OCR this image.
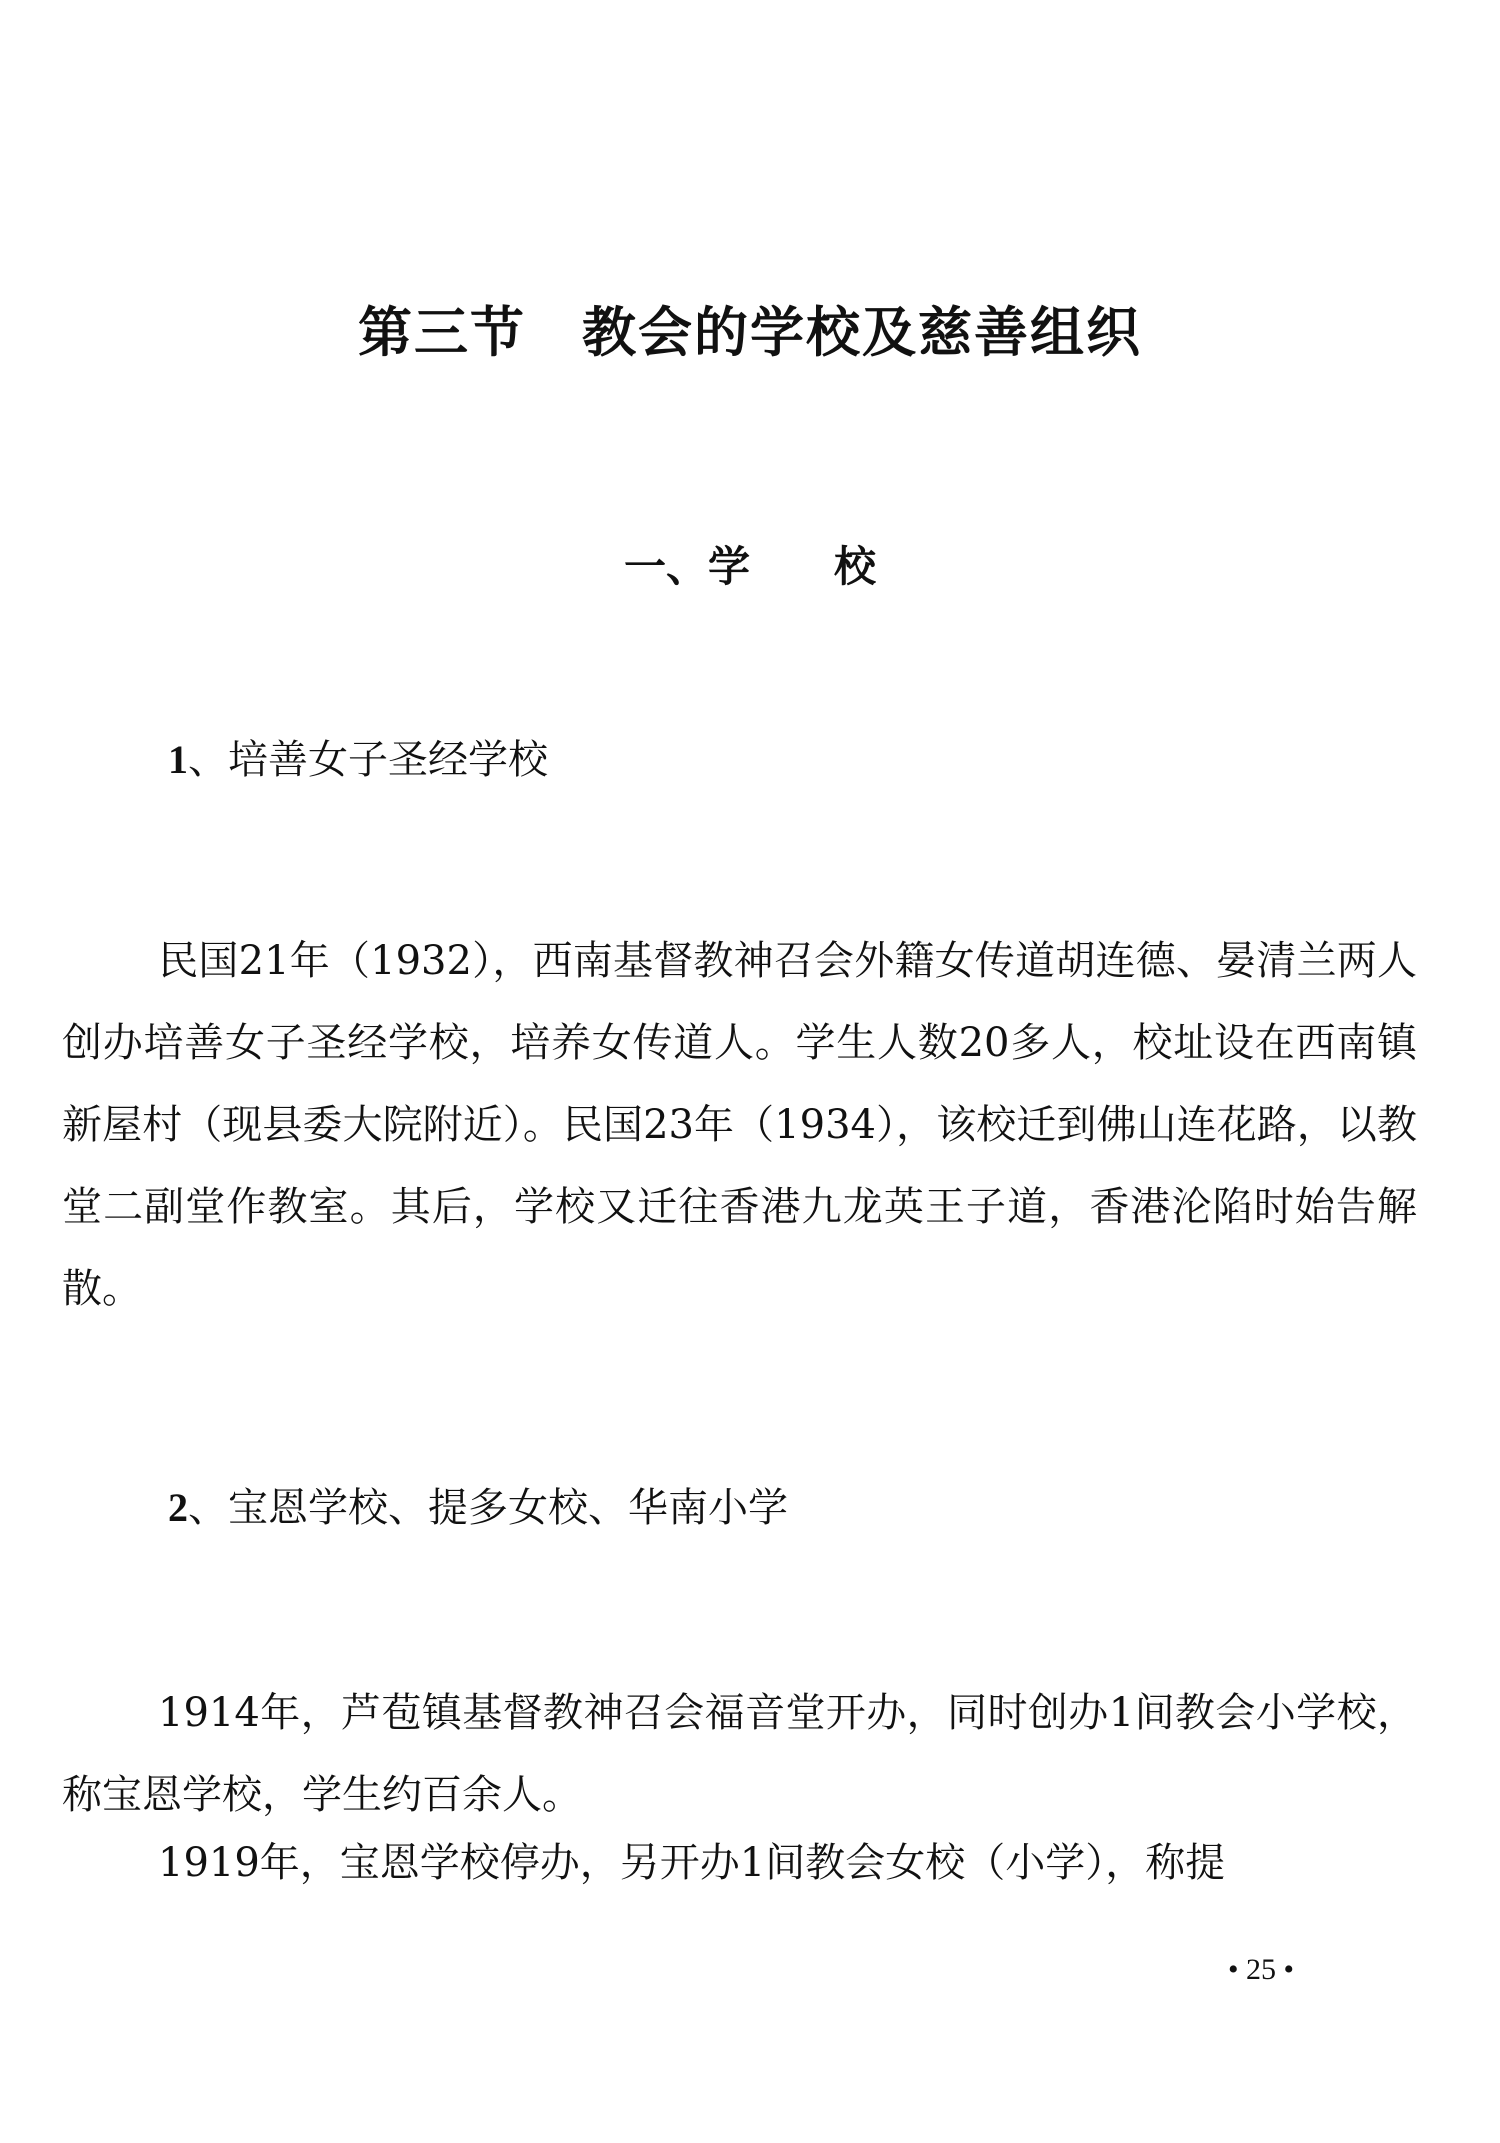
第三节　教会的学校及慈善组织
一、学　　校
1、培善女子圣经学校
民国21年（1932），西南基督教神召会外籍女传道胡连德、晏清兰两人创办培善女子圣经学校，培养女传道人。学生人数20多人，校址设在西南镇新屋村（现县委大院附近）。民国23年（1934），该校迁到佛山连花路，以教堂二副堂作教室。其后，学校又迁往香港九龙英王子道，香港沦陷时始告解散。
2、宝恩学校、提多女校、华南小学
1914年，芦苞镇基督教神召会福音堂开办，同时创办1间教会小学校，称宝恩学校，学生约百余人。
1919年，宝恩学校停办，另开办1间教会女校（小学），称提
• 25 •
